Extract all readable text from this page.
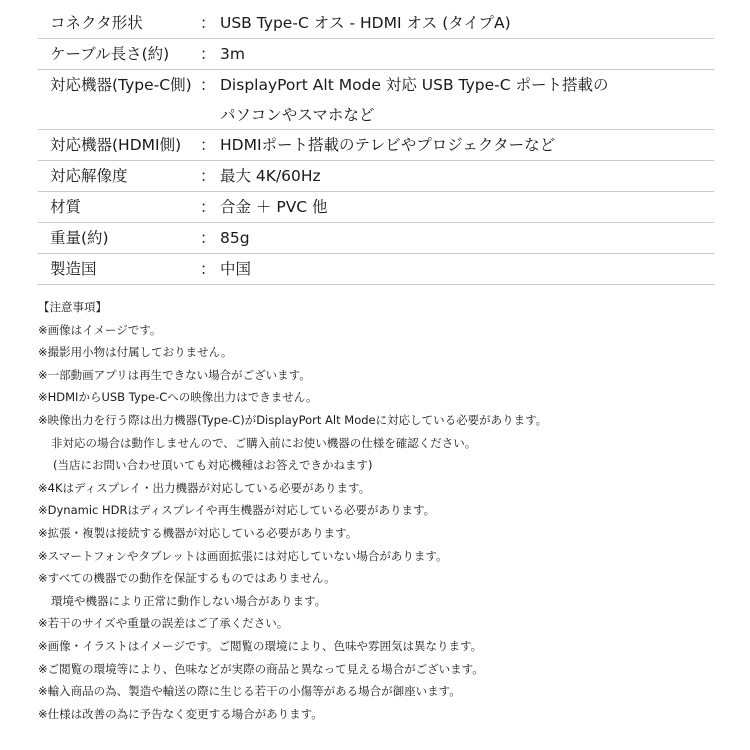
コネクタ形状	： USB Type-C オス - HDMI オス (タイプA)
ケーブル長さ(約)	： 3m
対応機器(Type-C側) ： DisplayPort Alt Mode 対応 USB Type-C ポート搭載の
パソコンやスマホなど
対応機器(HDMI側)	： HDMIポート搭載のテレビやプロジェクターなど
対応解像度	： 最大 4K/60Hz
材質	： 合金 ＋ PVC 他
重量(約)	： 85g
製造国	： 中国
【注意事項】
※画像はイメージです。
※撮影用小物は付属しておりません。
※一部動画アプリは再生できない場合がございます。
※HDMIからUSB Type-Cへの映像出力はできません。
※映像出力を行う際は出力機器(Type-C)がDisplayPort Alt Modeに対応している必要があります。
非対応の場合は動作しませんので、ご購入前にお使い機器の仕様を確認ください。
(当店にお問い合わせ頂いても対応機種はお答えできかねます)
※4Kはディスプレイ・出力機器が対応している必要があります。
※Dynamic HDRはディスプレイや再生機器が対応している必要があります。
※拡張・複製は接続する機器が対応している必要があります。
※スマートフォンやタブレットは画面拡張には対応していない場合があります。
※すべての機器での動作を保証するものではありません。
環境や機器により正常に動作しない場合があります。
※若干のサイズや重量の誤差はご了承ください。
※画像・イラストはイメージです。ご閲覧の環境により、色味や雰囲気は異なります。
※ご閲覧の環境等により、色味などが実際の商品と異なって見える場合がございます。
※輸入商品の為、製造や輸送の際に生じる若干の小傷等がある場合が御座います。
※仕様は改善の為に予告なく変更する場合があります。
